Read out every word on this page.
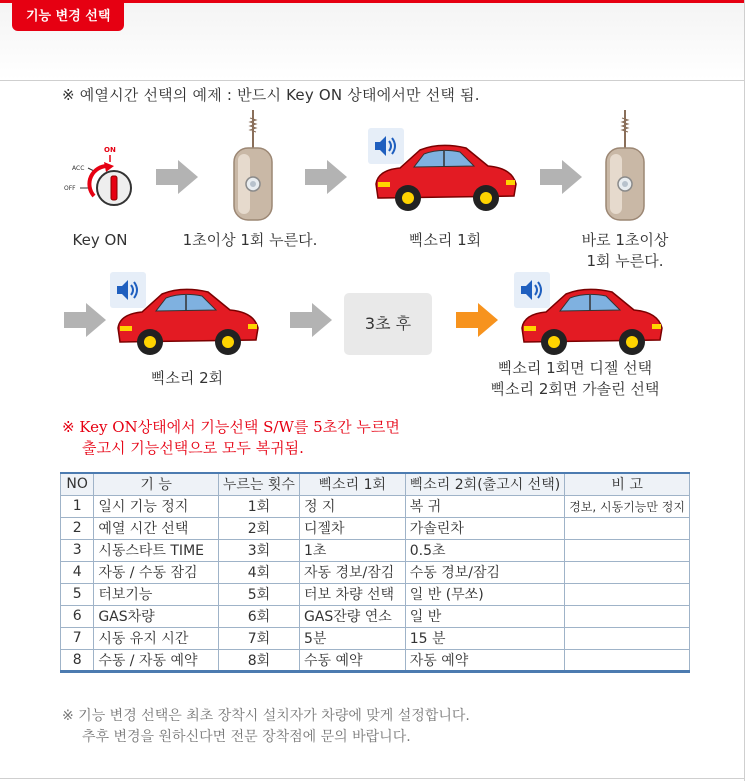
기능 변경 선택
※ 예열시간 선택의 예제 : 반드시 Key ON 상태에서만 선택 됨.
ON
ACC
OFF
Key ON	1초이상 1회 누른다.	삑소리 1회	바로 1초이상
1회 누른다.
삑소리 2회
3초 후
삑소리 1회면 디젤 선택
삑소리 2회면 가솔린 선택
※ Key ON상태에서 기능선택 S/W를 5초간 누르면
출고시 기능선택으로 모두 복귀됨.
NO	기 능	누르는 횟수	삑소리 1회	삑소리 2회(출고시 선택)	비 고
1	일시 기능 정지	1회	정 지	복 귀	경보, 시동기능만 정지
2	예열 시간 선택	2회	디젤차	가솔린차	
3	시동스타트 TIME	3회	1초	0.5초	
4	자동 / 수동 잠김	4회	자동 경보/잠김	수동 경보/잠김	
5	터보기능	5회	터보 차량 선택	일 반 (무쏘)	
6	GAS차량	6회	GAS잔량 연소	일 반	
7	시동 유지 시간	7회	5분	15 분	
8	수동 / 자동 예약	8회	수동 예약	자동 예약	
※ 기능 변경 선택은 최초 장착시 설치자가 차량에 맞게 설정합니다.
추후 변경을 원하신다면 전문 장착점에 문의 바랍니다.
